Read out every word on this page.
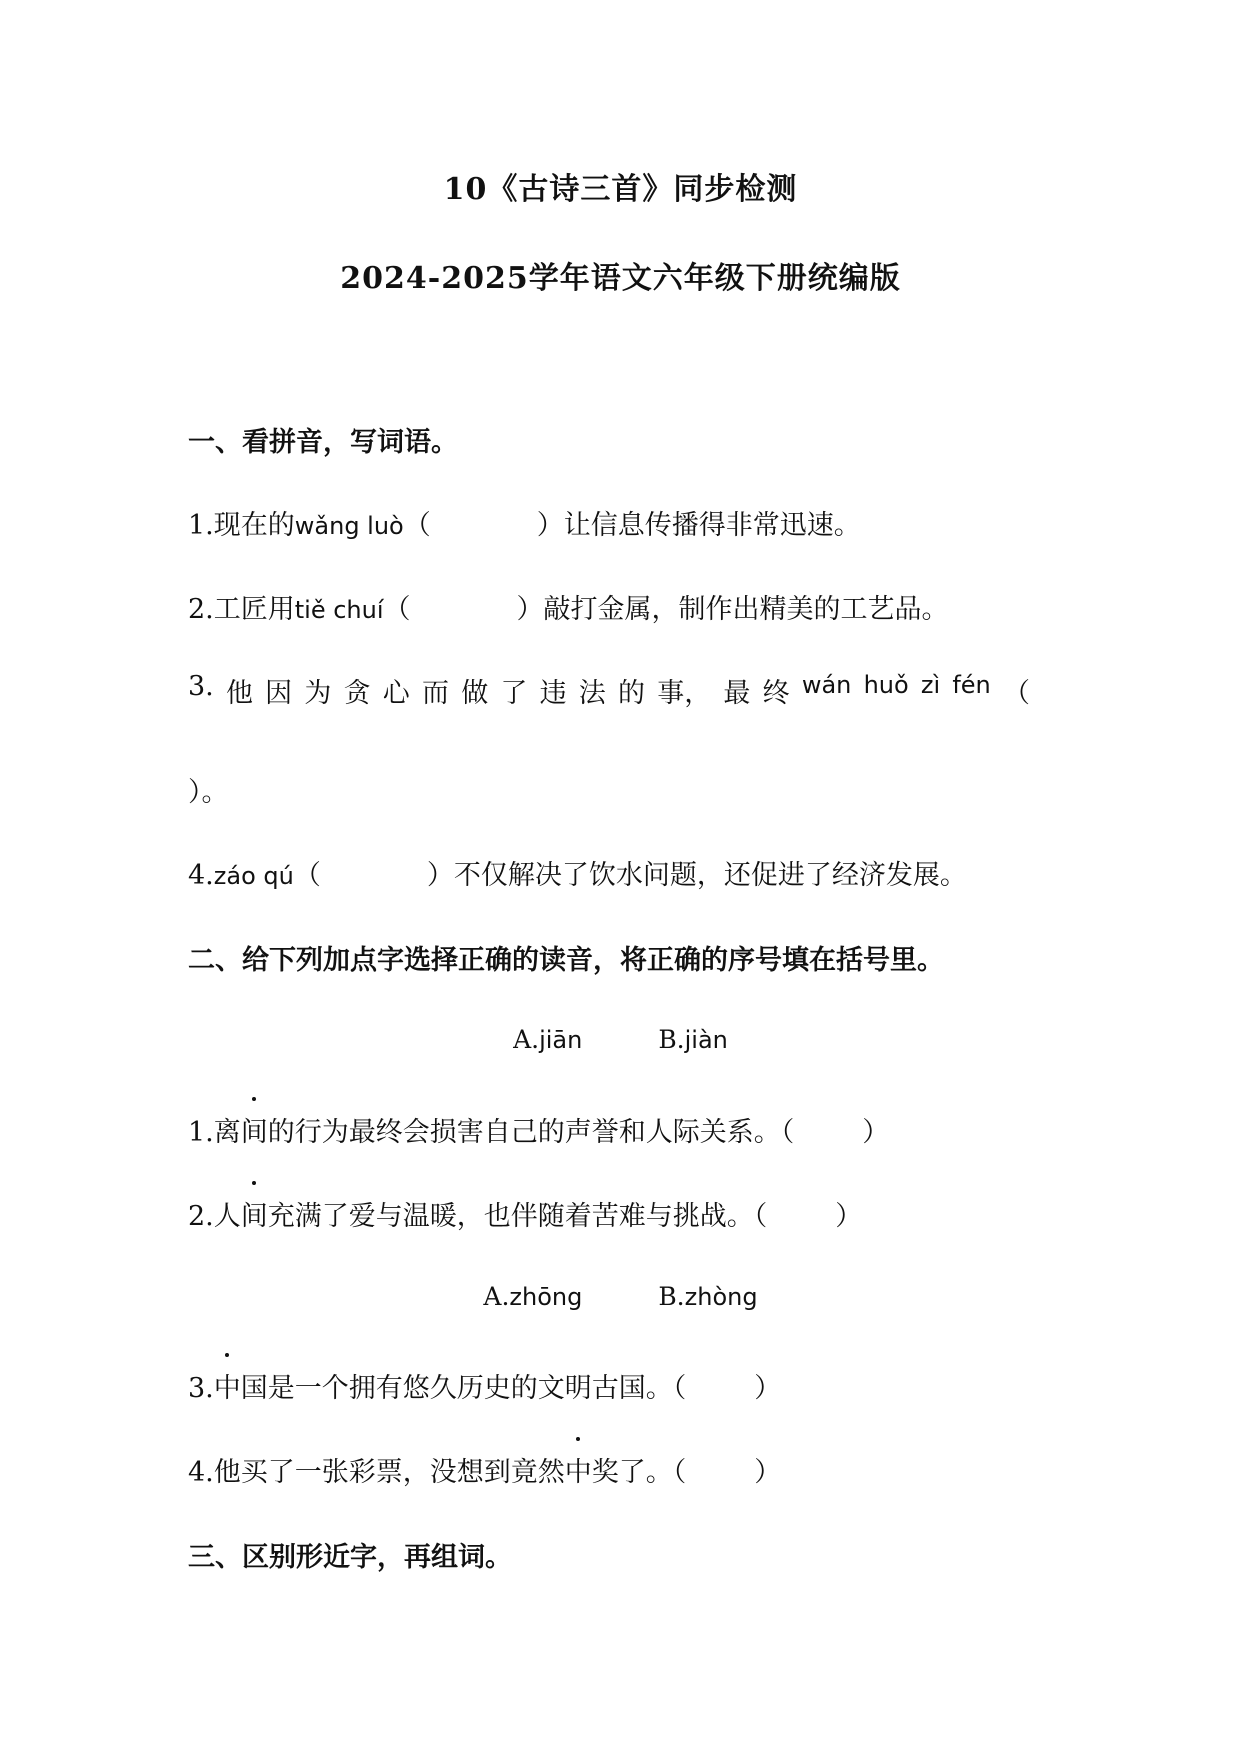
10《古诗三首》同步检测
2024-2025学年语文六年级下册统编版
一、看拼音，写词语。
1.现在的wǎng luò（	）让信息传播得非常迅速。
2.工匠用tiě chuí（	）敲打金属，制作出精美的工艺品。
3. 他 因 为 贪 心 而 做 了 违 法 的 事， 最 终 wán huǒ zì fén （
）。
4.záo qú（	）不仅解决了饮水问题，还促进了经济发展。
二、给下列加点字选择正确的读音，将正确的序号填在括号里。
A.jiān	B.jiàn
1.离间的行为最终会损害自己的声誉和人际关系。（	）
2.人间充满了爱与温暖，也伴随着苦难与挑战。（	）
A.zhōng	B.zhòng
3.中国是一个拥有悠久历史的文明古国。（	）
4.他买了一张彩票，没想到竟然中奖了。（	）
三、区别形近字，再组词。
